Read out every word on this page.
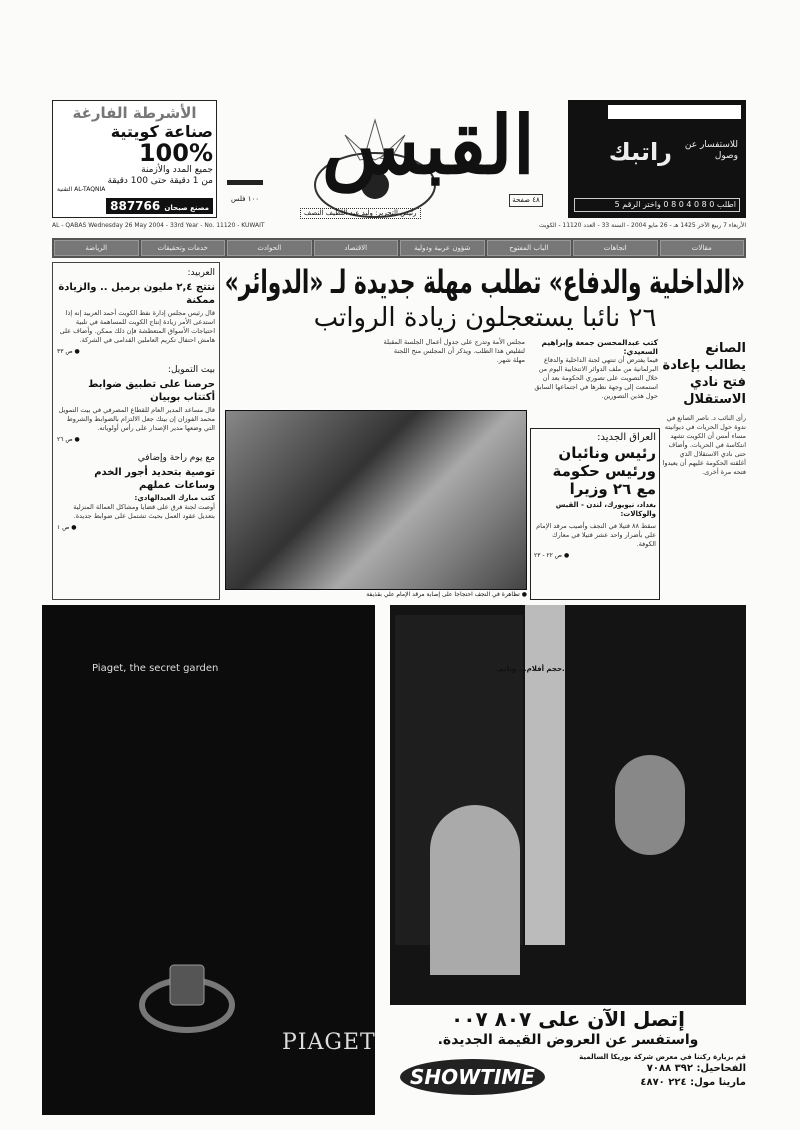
الأشرطة الفارغة
صناعة كويتية
100%
جميع المدد والأزمنة
من 1 دقيقة حتى 100 دقيقة
التقنية AL-TAQNIA
مصنع صبحان 887766
القبس
٤٨ صفحة
١٠٠ فلس
رئيس التحرير: وليد عبد اللطيف النصف
للاستفسار عن وصول
راتبك
اطلب 0 8 0 4 0 8 0 واختر الرقم 5
AL - QABAS Wednesday 26 May 2004 - 33rd Year - No. 11120 - KUWAIT	الأربعاء 7 ربيع الآخر 1425 هـ - 26 مايو 2004 - السنة 33 - العدد 11120 - الكويت
مقالات
اتجاهات
الباب المفتوح
شؤون عربية ودولية
الاقتصاد
الحوادث
خدمات وتحقيقات
الرياضة
العربيد:
نتتج ٢,٤ مليون برميل .. والزيادة ممكنة
قال رئيس مجلس إدارة نفط الكويت أحمد العربيد إنه إذا استدعى الأمر زيادة إنتاج الكويت للمساهمة في تلبية احتياجات الأسواق المتعطشة فإن ذلك ممكن. وأضاف على هامش احتفال تكريم العاملين القدامى في الشركة.
● ص ٣٣
بيت التمويل:
حرصنا على تطبيق ضوابط أكتتاب بوبيان
قال مساعد المدير العام للقطاع المصرفي في بيت التمويل محمد الفوزان إن بيتك جعل الالتزام بالضوابط والشروط التي وضعها مدير الإصدار على رأس أولوياته.
● ص ٢٦
مع يوم راحة وإضافي
توصية بتحديد أجور الخدم وساعات عملهم
كتب مبارك العبدالهادي:
أوصت لجنة فرق على قضايا ومشاكل العمالة المنزلية بتعديل عقود العمل بحيث تشتمل على ضوابط جديدة.
● ص ١
«الداخلية والدفاع» تطلب مهلة جديدة لـ «الدوائر»
٢٦ نائبا يستعجلون زيادة الرواتب
كتب عبدالمحسن جمعة وإبراهيم السعيدي:
فيما يفترض أن تنتهي لجنة الداخلية والدفاع البرلمانية من ملف الدوائر الانتخابية اليوم من خلال التصويت على تصوري الحكومة بعد أن استمعت إلى وجهة نظرها في اجتماعها السابق حول هذين التصورين.
مجلس الأمة وتدرج على جدول أعمال الجلسة المقبلة لتقليص هذا الطلب. ويذكر أن المجلس منح اللجنة مهلة شهر.
● تظاهرة في النجف احتجاجا على إصابة مرقد الإمام علي بقذيفة
العراق الجديد:
رئيس ونائبان ورئيس حكومة مع ٢٦ وزيرا
بغداد، نيويورك، لندن - القبس والوكالات:
سقط ٨٨ قتيلا في النجف وأصيب مرقد الإمام علي بأضرار واحد عشر قتيلا في معارك الكوفة.
● ص ٢٢ - ٢٣
الصانع يطالب بإعادة فتح نادي الاستقلال
رأى النائب د. ناصر الصانع في ندوة حول الحريات في ديوانيته مساء أمس أن الكويت تشهد انتكاسة في الحريات. وأضاف حتى نادي الاستقلال الذي أغلقته الحكومة عليهم أن يعيدوا فتحه مرة أخرى.
Piaget, the secret garden
PIAGET
...حجم أفلام... وتايم.
إتصل الآن على ٨٠٧ ٠٠٧
واستفسر عن العروض القيمة الجديدة.
قم بزيارة ركننا في معرض شركة بوريكا السالمية
الفحاحيل: ٣٩٢ ٧٠٨٨
مارينا مول: ٢٢٤ ٤٨٧٠
SHOWTIME
